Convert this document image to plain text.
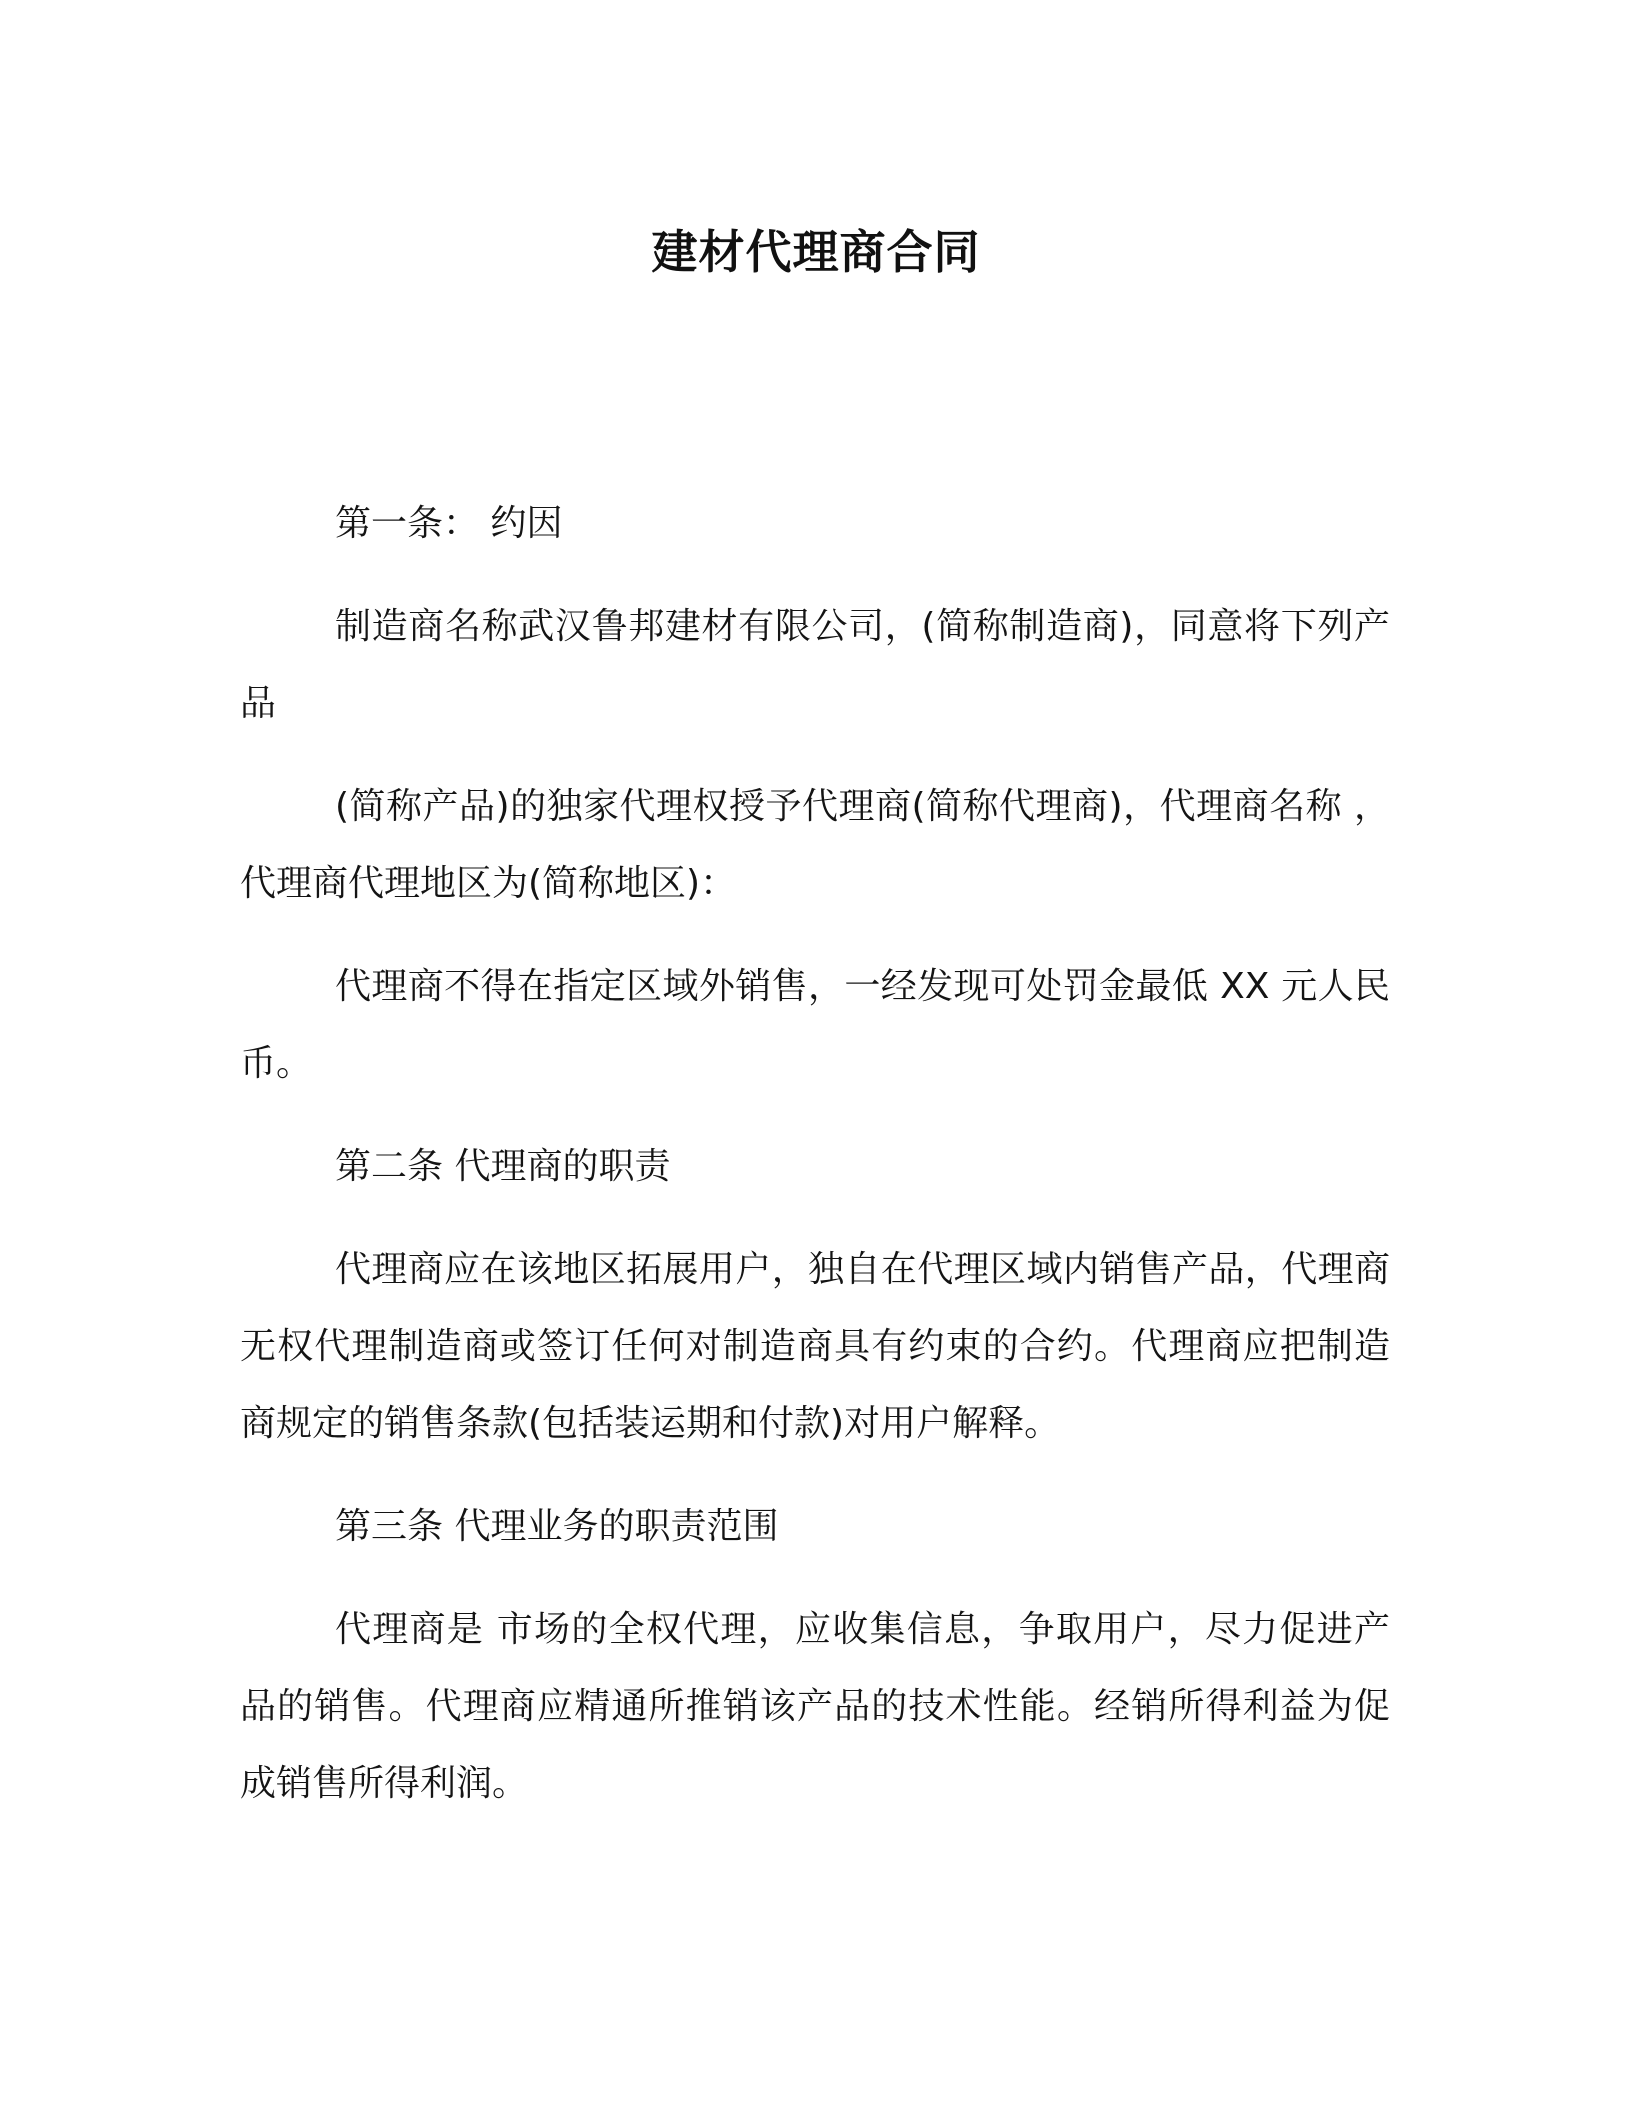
建材代理商合同

第一条： 约因

制造商名称武汉鲁邦建材有限公司，(简称制造商)，同意将下列产品

(简称产品)的独家代理权授予代理商(简称代理商)，代理商名称 ，代理商代理地区为(简称地区)：

代理商不得在指定区域外销售，一经发现可处罚金最低 XX 元人民币。

第二条 代理商的职责

代理商应在该地区拓展用户，独自在代理区域内销售产品，代理商无权代理制造商或签订任何对制造商具有约束的合约。代理商应把制造商规定的销售条款(包括装运期和付款)对用户解释。

第三条 代理业务的职责范围

代理商是 市场的全权代理，应收集信息，争取用户，尽力促进产品的销售。代理商应精通所推销该产品的技术性能。经销所得利益为促成销售所得利润。
